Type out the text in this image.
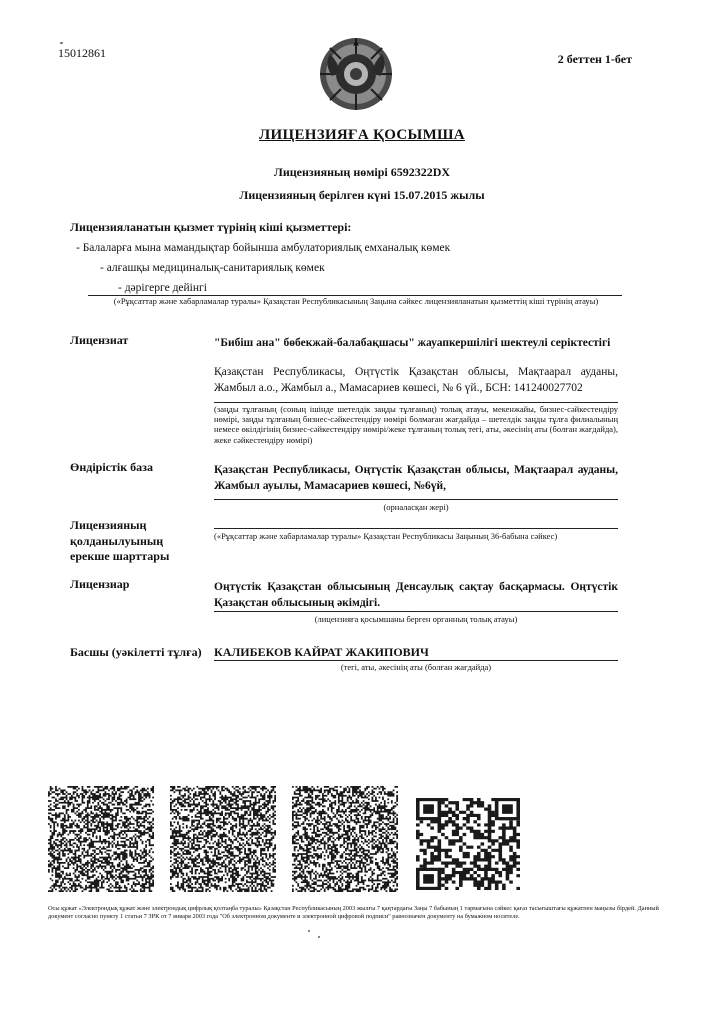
15012861	2 беттен 1-бет
ЛИЦЕНЗИЯҒА ҚОСЫМША
Лицензияның нөмірі 6592322DX
Лицензияның берілген күні 15.07.2015 жылы
Лицензияланатын қызмет түрінің кіші қызметтері:
- Балаларға мына мамандықтар бойынша амбулаториялық емханалық көмек
- алғашқы медициналық-санитариялық көмек
- дәрігерге дейінгі
(«Рұқсаттар және хабарламалар туралы» Қазақстан Республикасының Заңына сәйкес лицензияланатын қызметтің кіші түрінің атауы)
Лицензиат	"Бибіш ана" бөбекжай-балабақшасы" жауапкершілігі шектеулі серіктестігі
Қазақстан Республикасы, Оңтүстік Қазақстан облысы, Мақтаарал ауданы, Жамбыл а.о., Жамбыл а., Мамасариев көшесі, № 6 үй., БСН: 141240027702
(заңды тұлғаның (соның ішінде шетелдік заңды тұлғаның) толық атауы, мекенжайы, бизнес-сәйкестендіру нөмірі, заңды тұлғаның бизнес-сәйкестендіру нөмірі болмаған жағдайда – шетелдік заңды тұлға филиалының немесе өкілдігінің бизнес-сәйкестендіру нөмірі/жеке тұлғаның толық тегі, аты, әкесінің аты (болған жағдайда), жеке сәйкестендіру нөмірі)
Өндірістік база	Қазақстан Республикасы, Оңтүстік Қазақстан облысы, Мақтаарал ауданы, Жамбыл ауылы, Мамасариев көшесі, №6үй,
(орналасқан жері)
Лицензияның қолданылуының ерекше шарттары
(«Рұқсаттар және хабарламалар туралы» Қазақстан Республикасы Заңының 36-бабына сәйкес)
Лицензиар	Оңтүстік Қазақстан облысының Денсаулық сақтау басқармасы. Оңтүстік Қазақстан облысының әкімдігі.
(лицензияға қосымшаны берген органның толық атауы)
Басшы (уәкілетті тұлға) КАЛИБЕКОВ КАЙРАТ ЖАКИПОВИЧ
(тегі, аты, әкесінің аты (болған жағдайда)
Осы құжат «Электрондық құжат және электрондық цифрлық қолтаңба туралы» Қазақстан Республикасының 2003 жылғы 7 қаңтардағы Заңы 7 бабының 1 тармағына сәйкес қағаз тасығыштағы құжатпен маңызы бірдей. Данный документ согласно пункту 1 статьи 7 ЗРК от 7 января 2003 года "Об электронном документе и электронной цифровой подписи" равнозначен документу на бумажном носителе.
